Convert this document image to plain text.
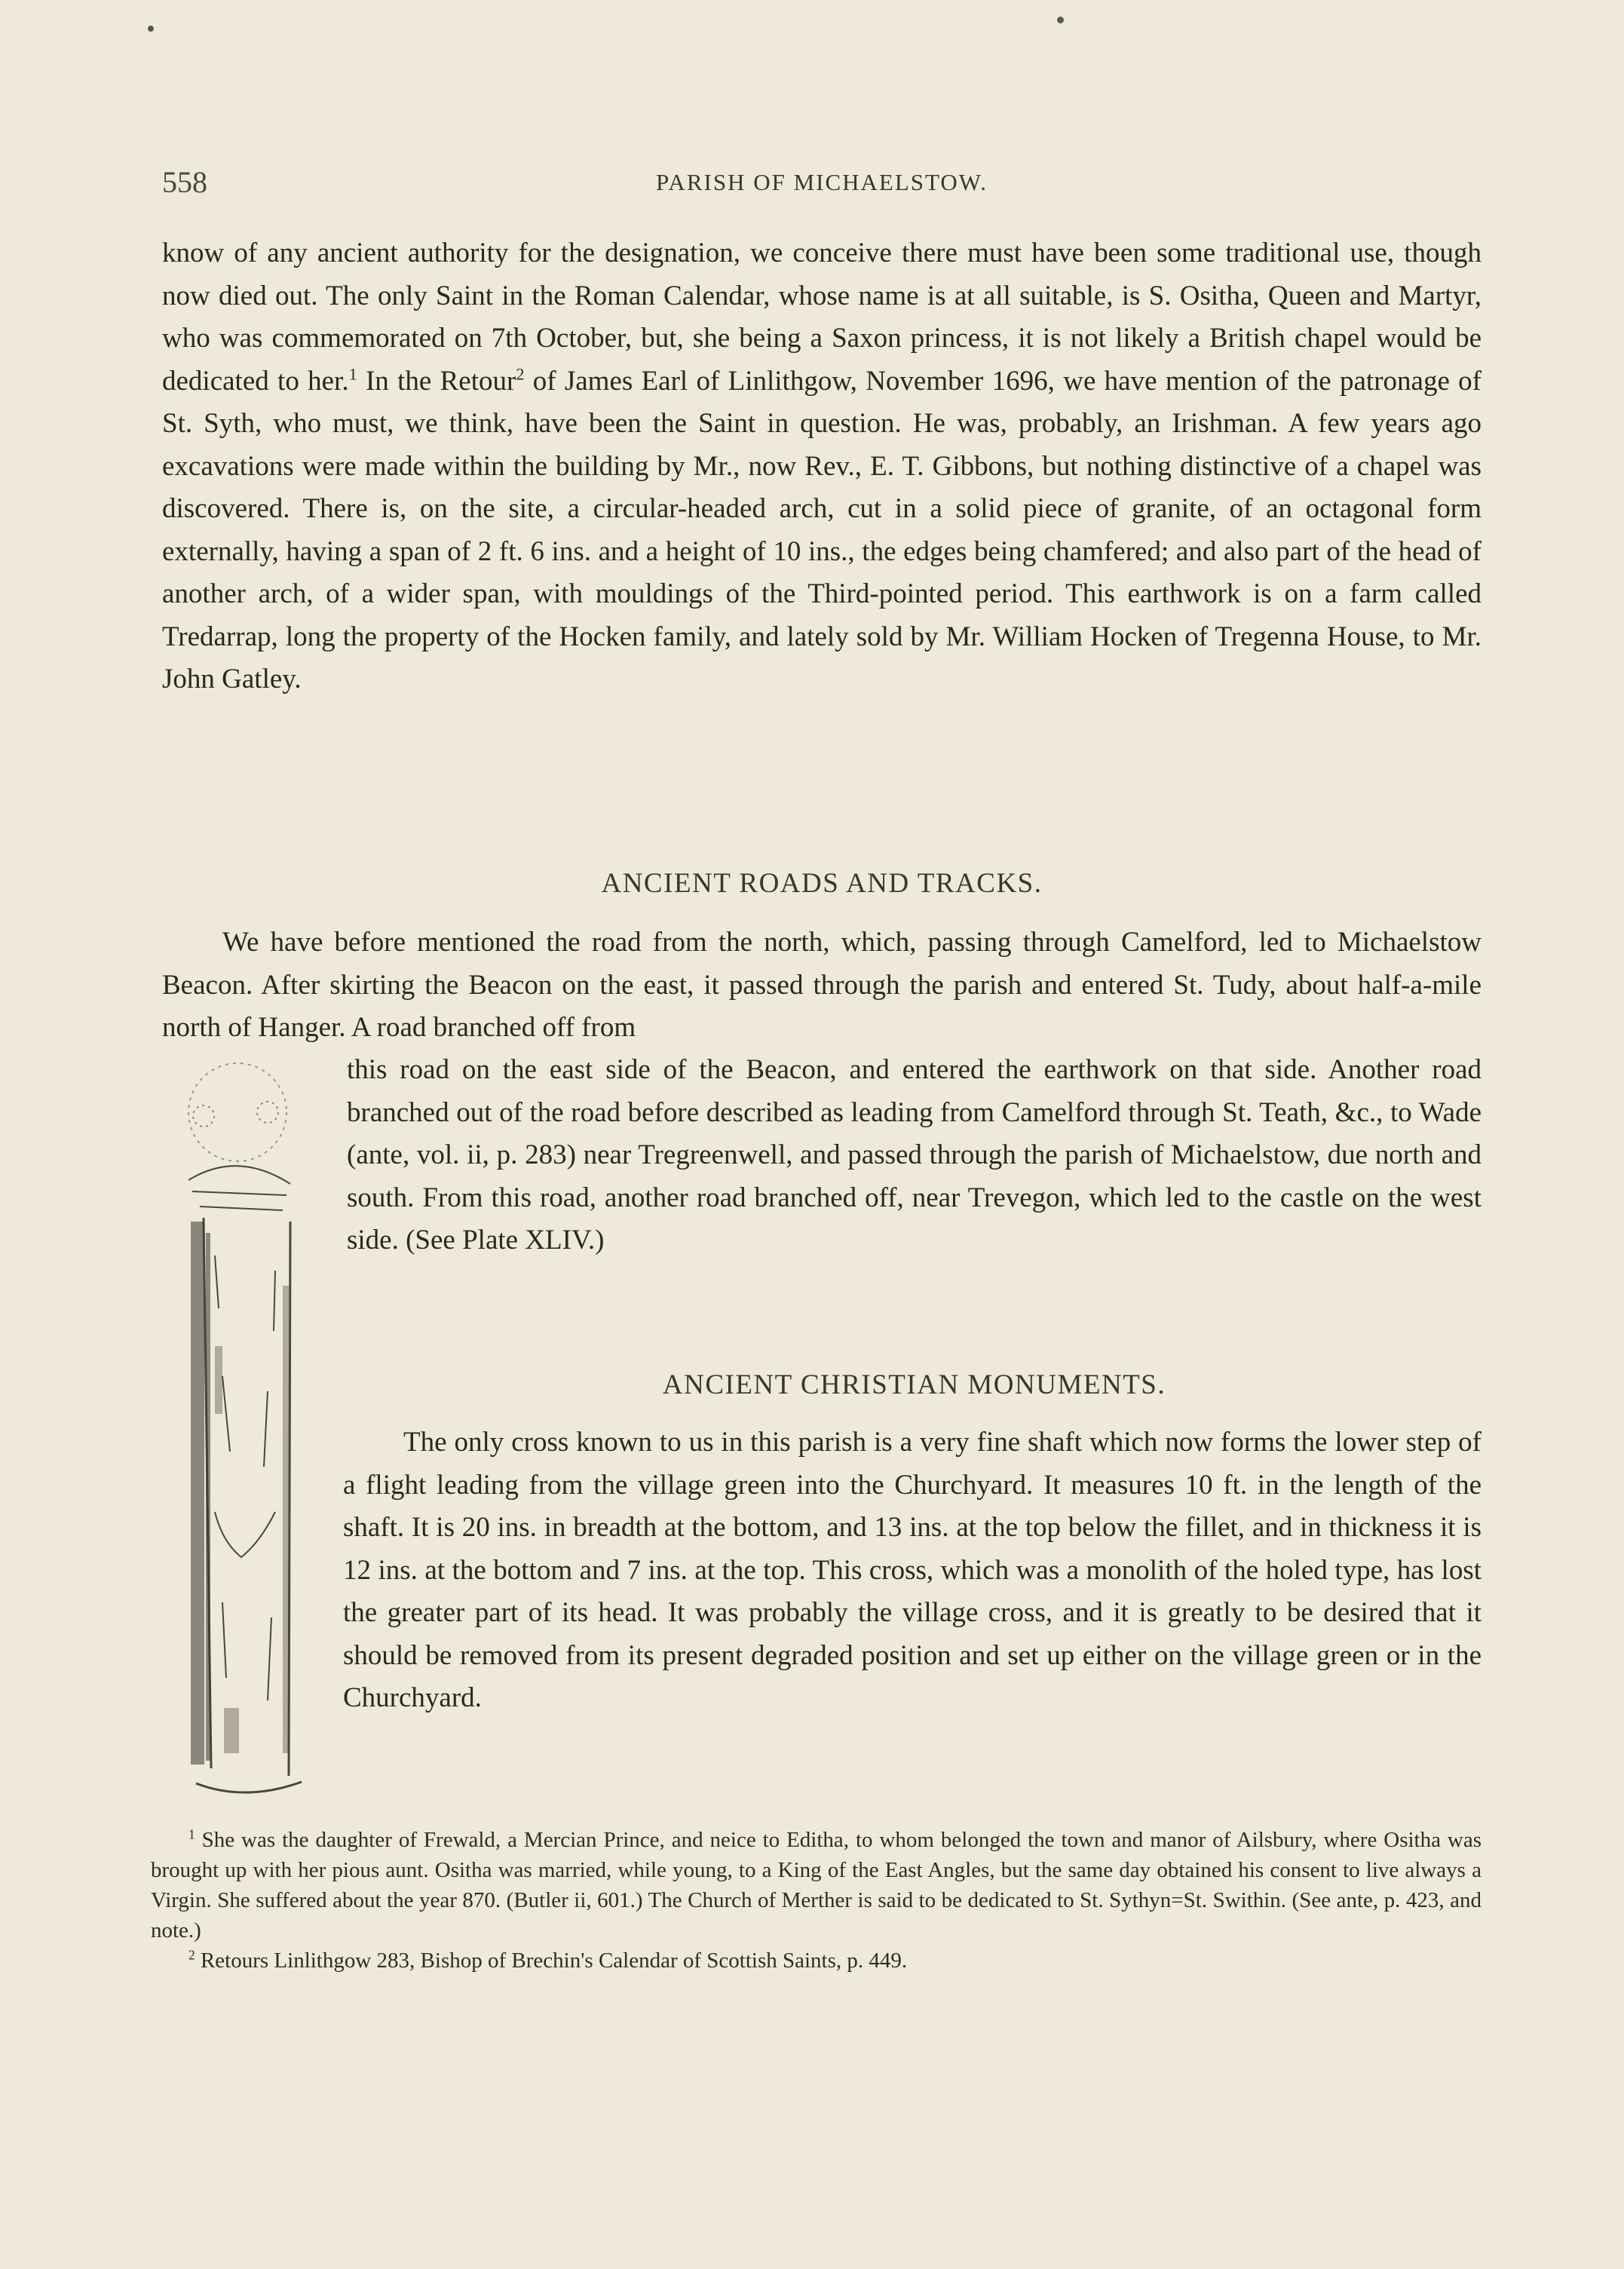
558	PARISH OF MICHAELSTOW.

know of any ancient authority for the designation, we conceive there must have been some traditional use, though now died out. The only Saint in the Roman Calendar, whose name is at all suitable, is S. Ositha, Queen and Martyr, who was commemorated on 7th October, but, she being a Saxon princess, it is not likely a British chapel would be dedicated to her.$^1$ In the Retour$^2$ of James Earl of Linlithgow, November 1696, we have mention of the patronage of St. Syth, who must, we think, have been the Saint in question. He was, probably, an Irishman. A few years ago excavations were made within the building by Mr., now Rev., E. T. Gibbons, but nothing distinctive of a chapel was discovered. There is, on the site, a circular-headed arch, cut in a solid piece of granite, of an octagonal form externally, having a span of 2 ft. 6 ins. and a height of 10 ins., the edges being chamfered; and also part of the head of another arch, of a wider span, with mouldings of the Third-pointed period. This earthwork is on a farm called Tredarrap, long the property of the Hocken family, and lately sold by Mr. William Hocken of Tregenna House, to Mr. John Gatley.

ANCIENT ROADS AND TRACKS.

We have before mentioned the road from the north, which, passing through Camelford, led to Michaelstow Beacon. After skirting the Beacon on the east, it passed through the parish and entered St. Tudy, about half-a-mile north of Hanger. A road branched off from

this road on the east side of the Beacon, and entered the earthwork on that side. Another road branched out of the road before described as leading from Camelford through St. Teath, &c., to Wade (ante, vol. ii, p. 283) near Tregreenwell, and passed through the parish of Michaelstow, due north and south. From this road, another road branched off, near Trevegon, which led to the castle on the west side. (See Plate XLIV.)

ANCIENT CHRISTIAN MONUMENTS.

The only cross known to us in this parish is a very fine shaft which now forms the lower step of a flight leading from the village green into the Churchyard. It measures 10 ft. in the length of the shaft. It is 20 ins. in breadth at the bottom, and 13 ins. at the top below the fillet, and in thickness it is 12 ins. at the bottom and 7 ins. at the top. This cross, which was a monolith of the holed type, has lost the greater part of its head. It was probably the village cross, and it is greatly to be desired that it should be removed from its present degraded position and set up either on the village green or in the Churchyard.

$^1$ She was the daughter of Frewald, a Mercian Prince, and neice to Editha, to whom belonged the town and manor of Ailsbury, where Ositha was brought up with her pious aunt. Ositha was married, while young, to a King of the East Angles, but the same day obtained his consent to live always a Virgin. She suffered about the year 870. (Butler ii, 601.) The Church of Merther is said to be dedicated to St. Sythyn=St. Swithin. (See ante, p. 423, and note.)

$^2$ Retours Linlithgow 283, Bishop of Brechin's Calendar of Scottish Saints, p. 449.
